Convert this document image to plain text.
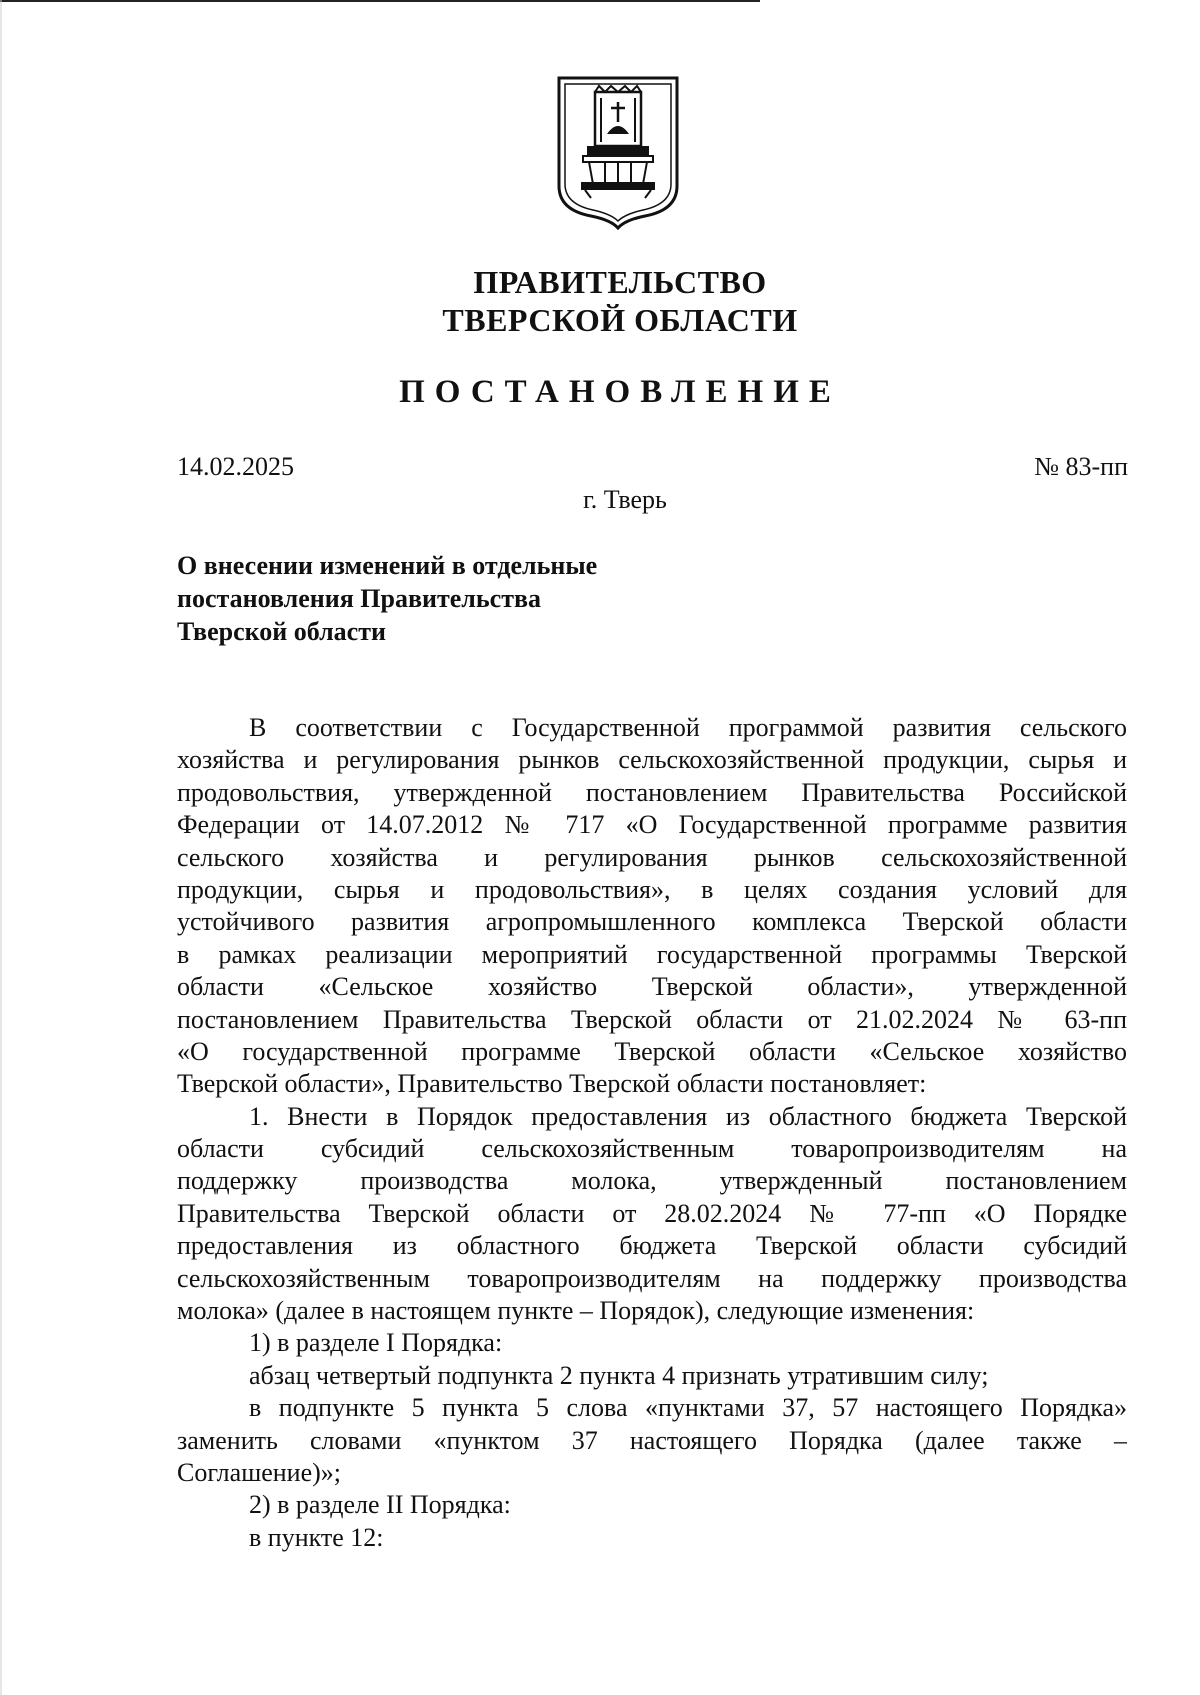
ПРАВИТЕЛЬСТВО
ТВЕРСКОЙ ОБЛАСТИ
ПОСТАНОВЛЕНИЕ
14.02.2025	№ 83-пп
г. Тверь
О внесении изменений в отдельные
постановления Правительства
Тверской области
В соответствии с Государственной программой развития сельского
хозяйства и регулирования рынков сельскохозяйственной продукции, сырья и
продовольствия, утвержденной постановлением Правительства Российской
Федерации от 14.07.2012 № 717 «О Государственной программе развития
сельского хозяйства и регулирования рынков сельскохозяйственной
продукции, сырья и продовольствия», в целях создания условий для
устойчивого развития агропромышленного комплекса Тверской области
в рамках реализации мероприятий государственной программы Тверской
области «Сельское хозяйство Тверской области», утвержденной
постановлением Правительства Тверской области от 21.02.2024 № 63-пп
«О государственной программе Тверской области «Сельское хозяйство
Тверской области», Правительство Тверской области постановляет:
1. Внести в Порядок предоставления из областного бюджета Тверской
области субсидий сельскохозяйственным товаропроизводителям на
поддержку производства молока, утвержденный постановлением
Правительства Тверской области от 28.02.2024 № 77-пп «О Порядке
предоставления из областного бюджета Тверской области субсидий
сельскохозяйственным товаропроизводителям на поддержку производства
молока» (далее в настоящем пункте – Порядок), следующие изменения:
1) в разделе I Порядка:
абзац четвертый подпункта 2 пункта 4 признать утратившим силу;
в подпункте 5 пункта 5 слова «пунктами 37, 57 настоящего Порядка»
заменить словами «пунктом 37 настоящего Порядка (далее также –
Соглашение)»;
2) в разделе II Порядка:
в пункте 12:
